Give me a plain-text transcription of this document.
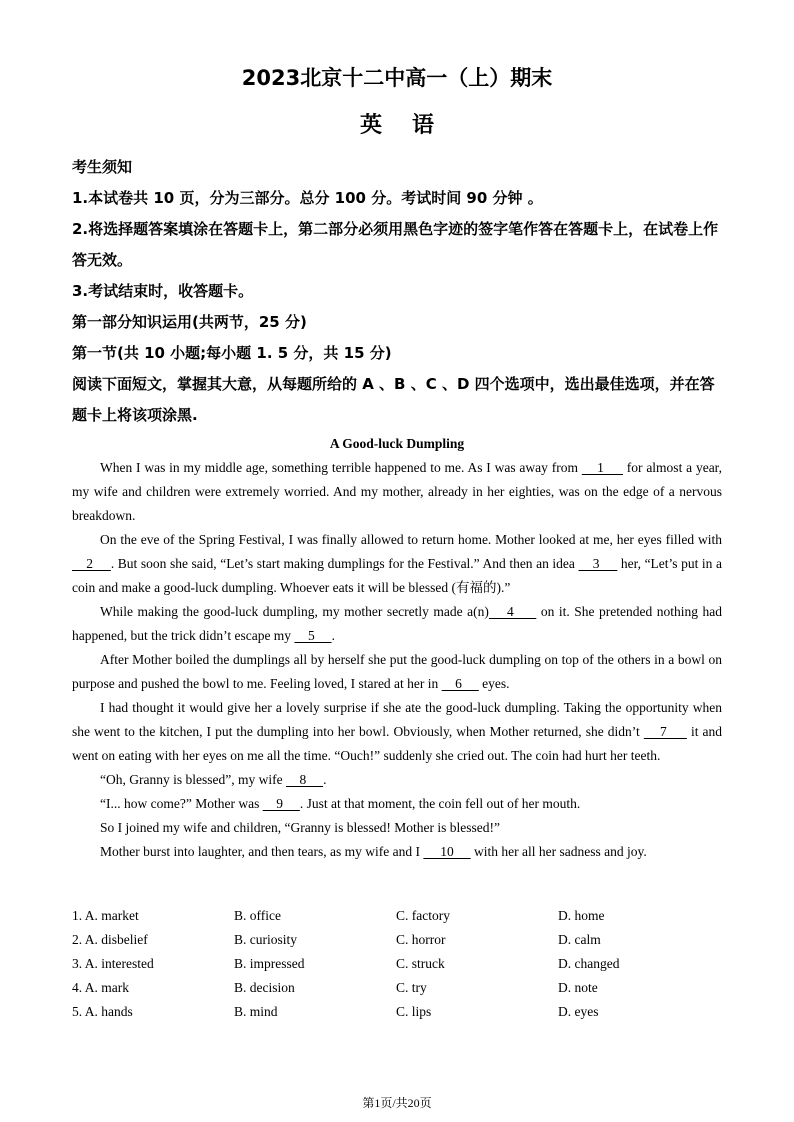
2023北京十二中高一（上）期末
英语

考生须知

1.本试卷共 10 页，分为三部分。总分 100 分。考试时间 90 分钟 。

2.将选择题答案填涂在答题卡上，第二部分必须用黑色字迹的签字笔作答在答题卡上，在试卷上作答无效。

3.考试结束时，收答题卡。

第一部分知识运用(共两节，25 分)

第一节(共 10 小题;每小题 1. 5 分，共 15 分)

阅读下面短文，掌握其大意，从每题所给的 A 、B 、C 、D 四个选项中，选出最佳选项，并在答题卡上将该项涂黑.

A Good-luck Dumpling

When I was in my middle age, something terrible happened to me. As I was away from     1      for almost a year, my wife and children were extremely worried. And my mother, already in her eighties, was on the edge of a nervous breakdown.

On the eve of the Spring Festival, I was finally allowed to return home. Mother looked at me, her eyes filled with     2     . But soon she said, “Let’s start making dumplings for the Festival.” And then an idea     3      her, “Let’s put in a coin and make a good-luck dumpling. Whoever eats it will be blessed (有福的).”

While making the good-luck dumpling, my mother secretly made a(n)    4      on it. She pretended nothing had happened, but the trick didn’t escape my     5     .

After Mother boiled the dumplings all by herself she put the good-luck dumpling on top of the others in a bowl on purpose and pushed the bowl to me. Feeling loved, I stared at her in     6      eyes.

I had thought it would give her a lovely surprise if she ate the good-luck dumpling. Taking the opportunity when she went to the kitchen, I put the dumpling into her bowl. Obviously, when Mother returned, she didn’t     7      it and went on eating with her eyes on me all the time. “Ouch!” suddenly she cried out. The coin had hurt her teeth.

“Oh, Granny is blessed”, my wife     8     .

“I... how come?” Mother was     9     . Just at that moment, the coin fell out of her mouth.

So I joined my wife and children, “Granny is blessed! Mother is blessed!”

Mother burst into laughter, and then tears, as my wife and I      10      with her all her sadness and joy.

1. A. market	B. office	C. factory	D. home
2. A. disbelief	B. curiosity	C. horror	D. calm
3. A. interested	B. impressed	C. struck	D. changed
4. A. mark	B. decision	C. try	D. note
5. A. hands	B. mind	C. lips	D. eyes
第1页/共20页
